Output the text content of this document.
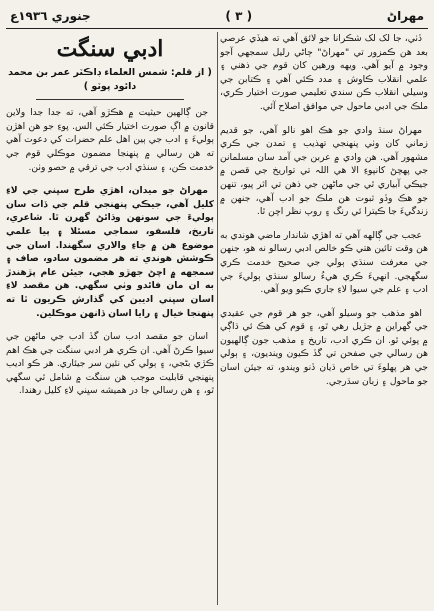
مهراڻ
( ٣ )
جنوري ١٩٣٦ع

ڏٺي، جا لک لک شڪرانا جو لائق آهي ته هيڏي عرصي بعد هن ڪمزور تي "مهراڻ" ڄاڻي رليل سمجهي آجو وجود ۾ آيو آهي. ويهه ورهين کان قوم جي ذهني ۽ علمي انقلاب ڪاوش ۽ مدد ڪئي آهي ۽ ڪتابن جي وسيلي انقلاب ڪن سندي تعليمي صورت اختيار ڪري، ملڪ جي ادبي ماحول جي موافق اصلاح آئي.

مهراڻ سنڌ وادي جو هڪ اهو نالو آهي، جو قديم زماني کان وٺي پنهنجي تهذيب ۽ تمدن جي ڪري مشهور آهي. هن وادي ۾ عربن جي آمد سان مسلمانن جي پهچڻ کانپوءِ الا هي اللہ تي تواريخ جي قصن ۾ جيڪي آبياري ٿي جي ماڻهن جي ذهن تي اثر پيو، تنهن جو هڪ وڏو ثبوت هن ملڪ جو ادب آهي، جنهن ۾ زندگيءَ جا ڪيترا ئي رنگ ۽ روپ نظر اچن ٿا.

عجب جي ڳالهه آهي ته اهڙي شاندار ماضي هوندي به هن وقت تائين هتي ڪو خالص ادبي رسالو نه هو، جنهن جي معرفت سنڌي ٻولي جي صحيح خدمت ڪري سگهجي. انهيءَ ڪري هيءُ رسالو سنڌي ٻوليءَ جي ادب ۽ علم جي سيوا لاءِ جاري ڪيو ويو آهي.

اهو مذهب جو وسيلو آهي، جو هر قوم جي عقيدي جي گهراين ۾ جڙيل رهي ٿو، ۽ قوم کي هڪ ئي ڌاڳي ۾ پوئي ٿو. ان ڪري ادب، تاريخ ۽ مذهب جون ڳالهيون هن رسالي جي صفحن تي گڏ ڪيون وينديون، ۽ ٻولي جي هر پهلوءَ تي خاص ڌيان ڏنو ويندو، ته جيئن اسان جو ماحول ۽ زبان سڌرجي.

ادبي سنگت
( از قلم: شمس العلماء ڊاڪٽر عمر بن محمد دائود پوٽو )

جن ڳالهين حيثيت ۾ هڪڙو آهي، ته جدا جدا ولاين قانون ۾ اڳ صورت اختيار ڪئي الس. پوءِ جو هن اهڙن ٻوليءَ ۽ ادب جي ٻين اهل علم حضرات کي دعوت آهي ته هن رسالي ۾ پنهنجا مضمون موڪلي قوم جي خدمت ڪن، ۽ سنڌي ادب جي ترقي ۾ حصو وٺن.

مهراڻ جو ميدان، اهڙي طرح سڀني جي لاءِ کليل آهي، جيڪي پنهنجي قلم جي ڏات سان ٻوليءَ جي سونهن وڌائڻ گهرن ٿا. شاعري، تاريخ، فلسفو، سماجي مسئلا ۽ ٻيا علمي موضوع هن ۾ جاءِ والاري سگهندا. اسان جي ڪوشش هوندي ته هر مضمون سادو، صاف ۽ سمجهه ۾ اچڻ جهڙو هجي، جيئن عام پڙهندڙ به ان مان فائدو وٺي سگهي. هن مقصد لاءِ اسان سڀني اديبن کي گذارش ڪريون ٿا ته پنهنجا خيال ۽ رايا اسان ڏانهن موڪلين.

اسان جو مقصد ادب سان گڏ ادب جي ماڻهن جي سيوا ڪرڻ آهي. ان ڪري هر ادبي سنگت جي هڪ اهم ڪڙي بڻجي، ۽ ٻولي کي نئين سر جيئاري. هر ڪو اديب پنهنجي قابليت موجب هن سنگت ۾ شامل ٿي سگهي ٿو، ۽ هن رسالي جا در هميشه سڀني لاءِ کليل رهندا.
